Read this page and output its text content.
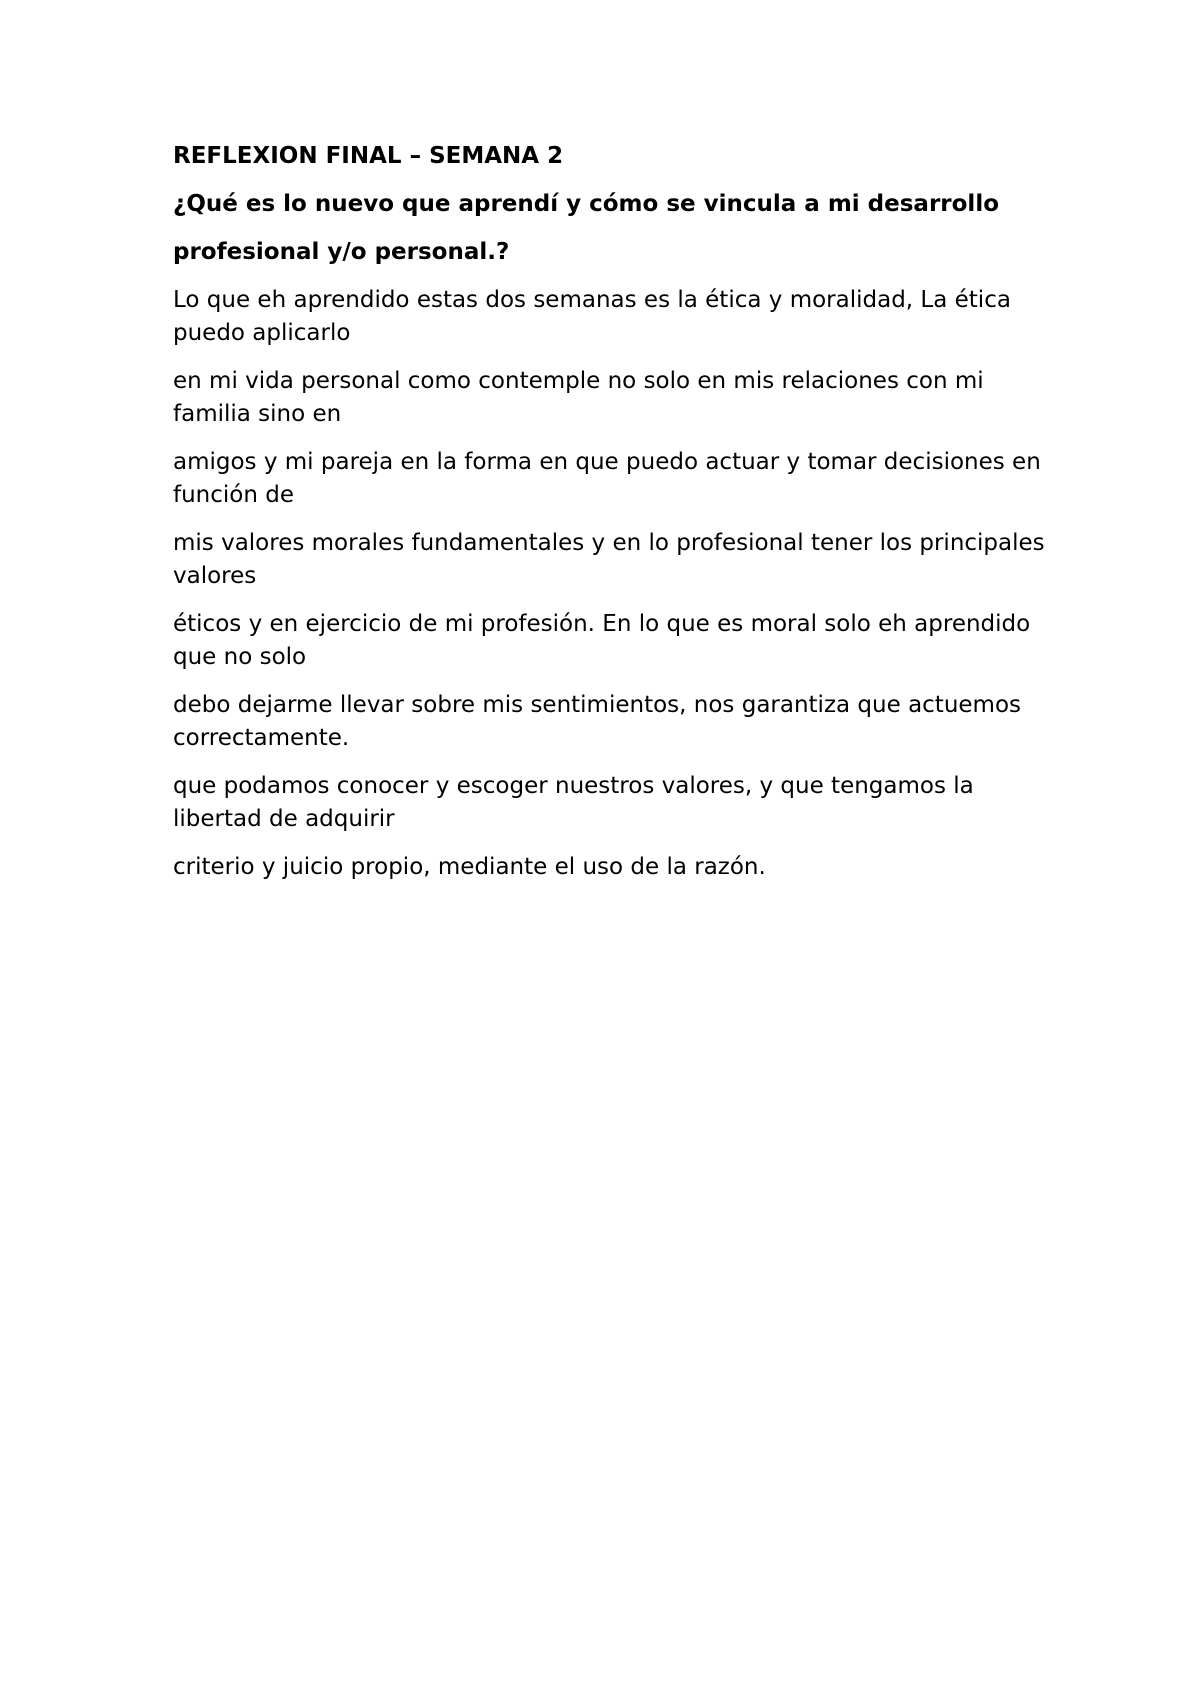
REFLEXION FINAL – SEMANA 2

¿Qué es lo nuevo que aprendí y cómo se vincula a mi desarrollo

profesional y/o personal.?

Lo que eh aprendido estas dos semanas es la ética y moralidad, La ética puedo aplicarlo

en mi vida personal como contemple no solo en mis relaciones con mi familia sino en

amigos y mi pareja en la forma en que puedo actuar y tomar decisiones en función de

mis valores morales fundamentales y en lo profesional tener los principales valores

éticos y en ejercicio de mi profesión. En lo que es moral solo eh aprendido que no solo

debo dejarme llevar sobre mis sentimientos, nos garantiza que actuemos correctamente.

que podamos conocer y escoger nuestros valores, y que tengamos la libertad de adquirir

criterio y juicio propio, mediante el uso de la razón.
